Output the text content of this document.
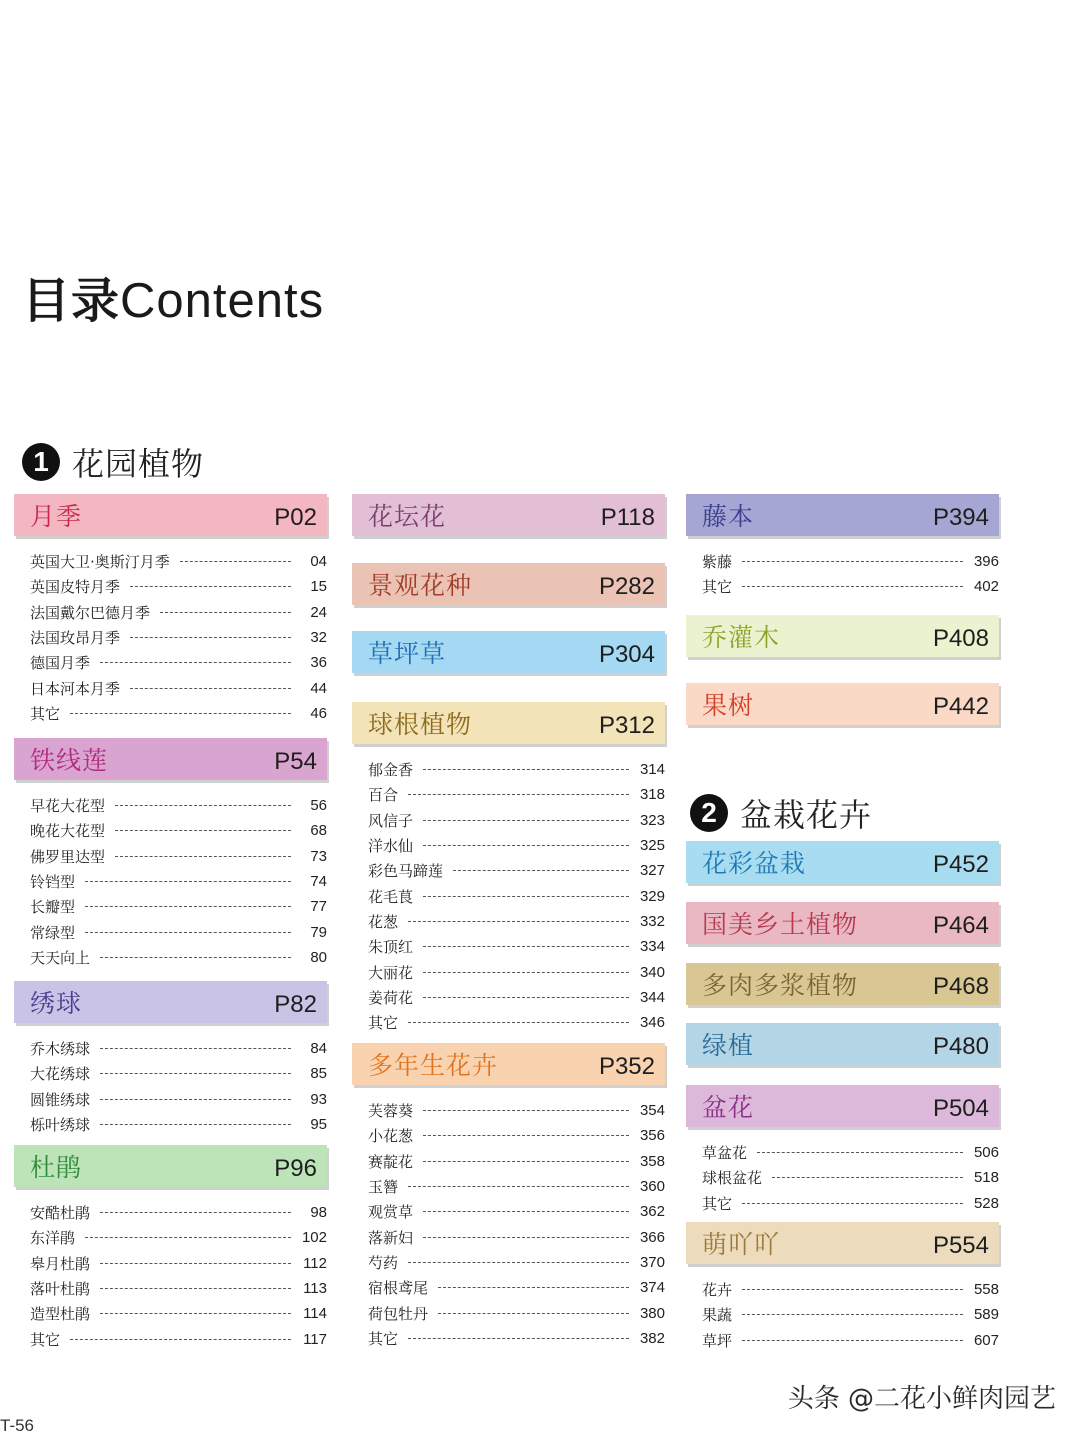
目录Contents
1 花园植物
2 盆栽花卉
月季	P02
英国大卫·奥斯汀月季	04
英国皮特月季	15
法国戴尔巴德月季	24
法国玫昂月季	32
德国月季	36
日本河本月季	44
其它	46
铁线莲	P54
早花大花型	56
晚花大花型	68
佛罗里达型	73
铃铛型	74
长瓣型	77
常绿型	79
天天向上	80
绣球	P82
乔木绣球	84
大花绣球	85
圆锥绣球	93
栎叶绣球	95
杜鹃	P96
安酷杜鹃	98
东洋鹃	102
皋月杜鹃	112
落叶杜鹃	113
造型杜鹃	114
其它	117
花坛花	P118
景观花种	P282
草坪草	P304
球根植物	P312
郁金香	314
百合	318
风信子	323
洋水仙	325
彩色马蹄莲	327
花毛茛	329
花葱	332
朱顶红	334
大丽花	340
姜荷花	344
其它	346
多年生花卉	P352
芙蓉葵	354
小花葱	356
赛靛花	358
玉簪	360
观赏草	362
落新妇	366
芍药	370
宿根鸢尾	374
荷包牡丹	380
其它	382
藤本	P394
紫藤	396
其它	402
乔灌木	P408
果树	P442
花彩盆栽	P452
国美乡土植物	P464
多肉多浆植物	P468
绿植	P480
盆花	P504
草盆花	506
球根盆花	518
其它	528
萌吖吖	P554
花卉	558
果蔬	589
草坪	607
头条 @二花小鲜肉园艺
T-56
